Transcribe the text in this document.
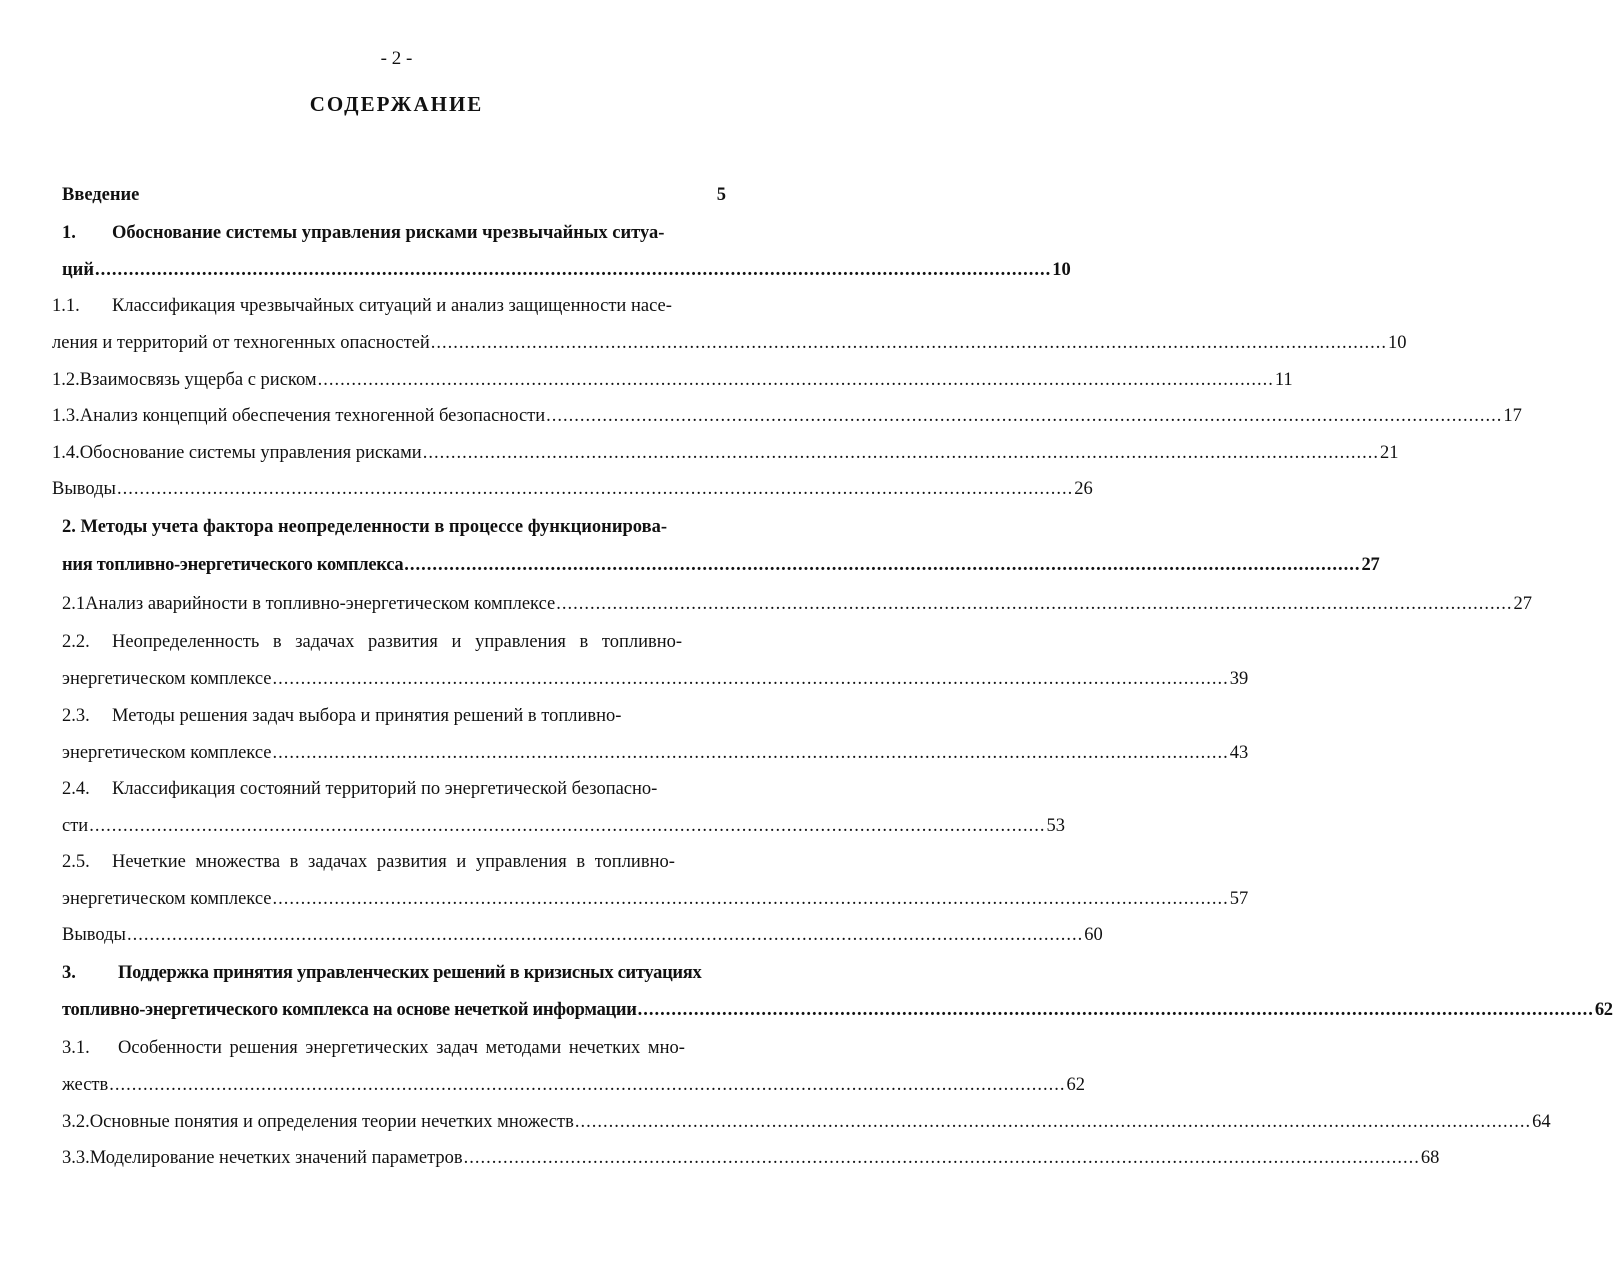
- 2 -
СОДЕРЖАНИЕ
Введение	5
1.	Обоснование системы управления рисками чрезвычайных ситуа-
ций .......................................................................................................................................................................... 10
1.1.	Классификация чрезвычайных ситуаций и анализ защищенности насе-
ления и территорий от техногенных опасностей .......................................................................................................................................................................... 10
1.2. Взаимосвязь ущерба с риском .......................................................................................................................................................................... 11
1.3. Анализ концепций обеспечения техногенной безопасности .......................................................................................................................................................................... 17
1.4. Обоснование системы управления рисками .......................................................................................................................................................................... 21
Выводы .......................................................................................................................................................................... 26
2. Методы учета фактора неопределенности в процессе функционирова-
ния топливно-энергетического комплекса .......................................................................................................................................................................... 27
2.1 Анализ аварийности в топливно-энергетическом комплексе .......................................................................................................................................................................... 27
2.2.	Неопределенность в задачах развития и управления в топливно-
энергетическом комплексе .......................................................................................................................................................................... 39
2.3.	Методы решения задач выбора и принятия решений в топливно-
энергетическом комплексе .......................................................................................................................................................................... 43
2.4.	Классификация состояний территорий по энергетической безопасно-
сти .......................................................................................................................................................................... 53
2.5.	Нечеткие множества в задачах развития и управления в топливно-
энергетическом комплексе .......................................................................................................................................................................... 57
Выводы .......................................................................................................................................................................... 60
3.	Поддержка принятия управленческих решений в кризисных ситуациях
топливно-энергетического комплекса на основе нечеткой информации .......................................................................................................................................................................... 62
3.1.	Особенности решения энергетических задач методами нечетких мно-
жеств .......................................................................................................................................................................... 62
3.2. Основные понятия и определения теории нечетких множеств .......................................................................................................................................................................... 64
3.3. Моделирование нечетких значений параметров .......................................................................................................................................................................... 68
